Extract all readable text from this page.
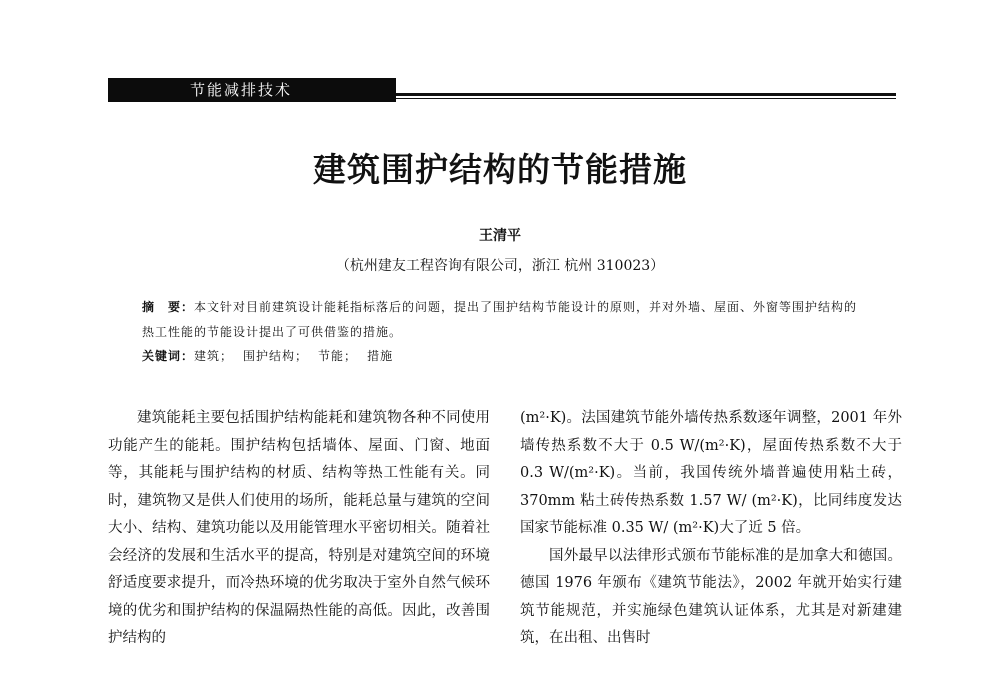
节能减排技术
建筑围护结构的节能措施
王清平
（杭州建友工程咨询有限公司，浙江 杭州 310023）
摘　要：本文针对目前建筑设计能耗指标落后的问题，提出了围护结构节能设计的原则，并对外墙、屋面、外窗等围护结构的热工性能的节能设计提出了可供借鉴的措施。
关键词：建筑； 围护结构； 节能； 措施

建筑能耗主要包括围护结构能耗和建筑物各种不同使用功能产生的能耗。围护结构包括墙体、屋面、门窗、地面等，其能耗与围护结构的材质、结构等热工性能有关。同时，建筑物又是供人们使用的场所，能耗总量与建筑的空间大小、结构、建筑功能以及用能管理水平密切相关。随着社会经济的发展和生活水平的提高，特别是对建筑空间的环境舒适度要求提升，而冷热环境的优劣取决于室外自然气候环境的优劣和围护结构的保温隔热性能的高低。因此，改善围护结构的

(m²·K)。法国建筑节能外墙传热系数逐年调整，2001 年外墙传热系数不大于 0.5 W/(m²·K)，屋面传热系数不大于 0.3 W/(m²·K)。当前，我国传统外墙普遍使用粘土砖，370mm 粘土砖传热系数 1.57 W/ (m²·K)，比同纬度发达国家节能标准 0.35 W/ (m²·K)大了近 5 倍。

国外最早以法律形式颁布节能标准的是加拿大和德国。德国 1976 年颁布《建筑节能法》，2002 年就开始实行建筑节能规范，并实施绿色建筑认证体系，尤其是对新建建筑，在出租、出售时
